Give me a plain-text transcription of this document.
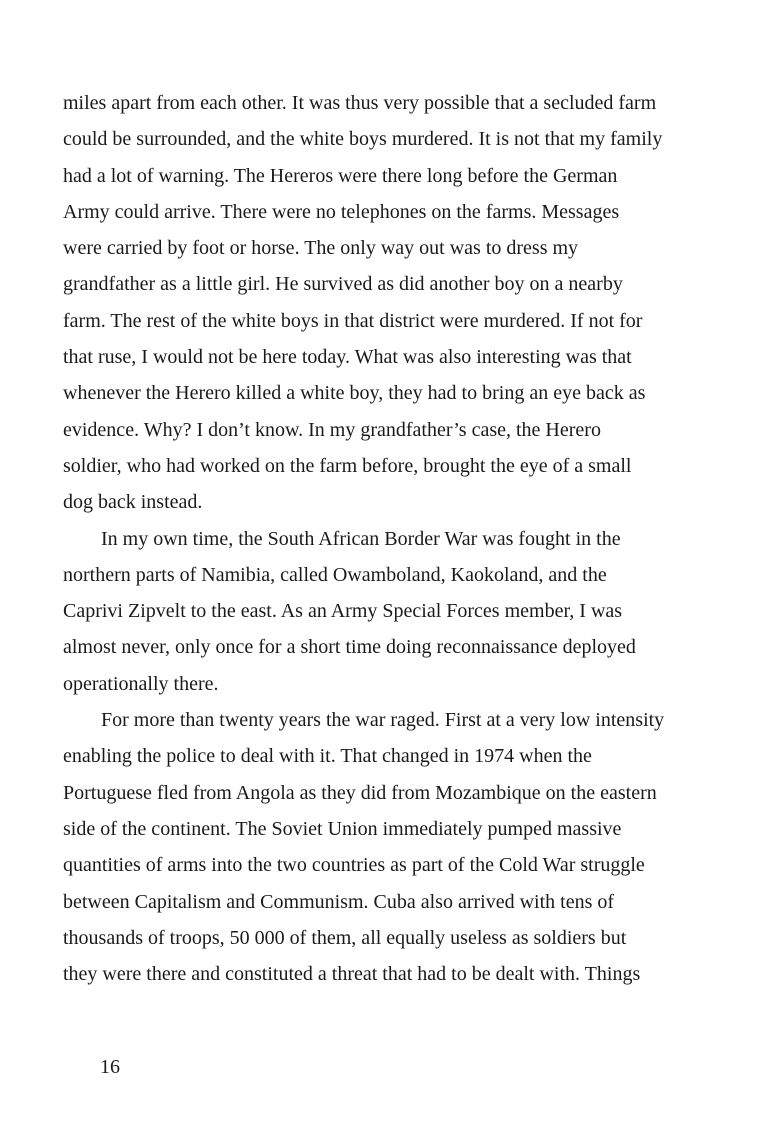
miles apart from each other. It was thus very possible that a secluded farm
could be surrounded, and the white boys murdered. It is not that my family
had a lot of warning. The Hereros were there long before the German
Army could arrive. There were no telephones on the farms. Messages
were carried by foot or horse. The only way out was to dress my
grandfather as a little girl. He survived as did another boy on a nearby
farm. The rest of the white boys in that district were murdered. If not for
that ruse, I would not be here today. What was also interesting was that
whenever the Herero killed a white boy, they had to bring an eye back as
evidence. Why? I don’t know. In my grandfather’s case, the Herero
soldier, who had worked on the farm before, brought the eye of a small
dog back instead.
In my own time, the South African Border War was fought in the
northern parts of Namibia, called Owamboland, Kaokoland, and the
Caprivi Zipvelt to the east. As an Army Special Forces member, I was
almost never, only once for a short time doing reconnaissance deployed
operationally there.
For more than twenty years the war raged. First at a very low intensity
enabling the police to deal with it. That changed in 1974 when the
Portuguese fled from Angola as they did from Mozambique on the eastern
side of the continent. The Soviet Union immediately pumped massive
quantities of arms into the two countries as part of the Cold War struggle
between Capitalism and Communism. Cuba also arrived with tens of
thousands of troops, 50 000 of them, all equally useless as soldiers but
they were there and constituted a threat that had to be dealt with. Things
16
